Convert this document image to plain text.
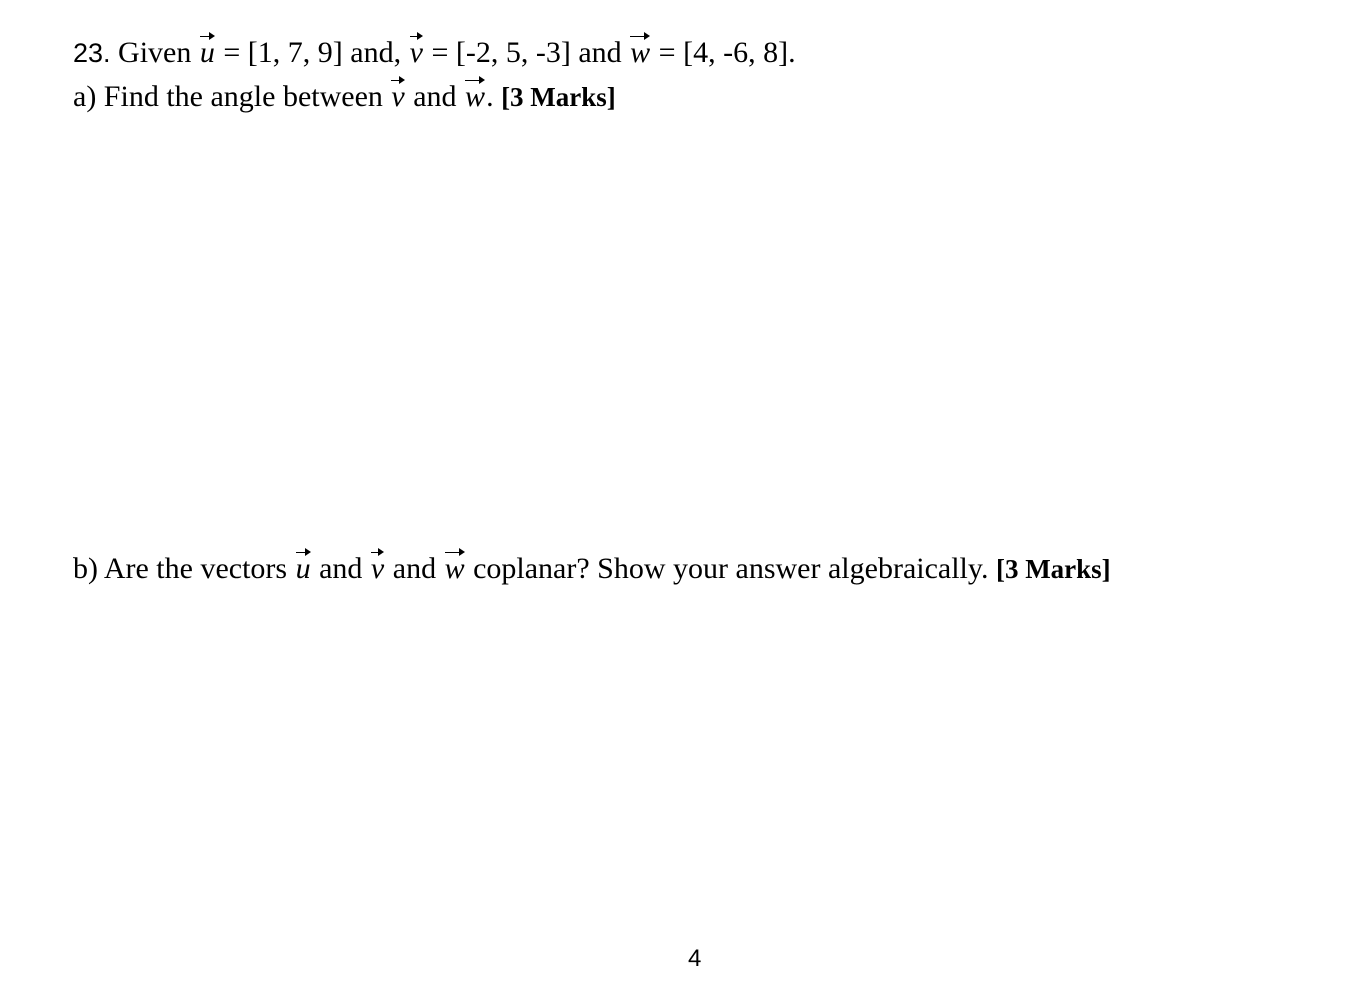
23. Given u = [1, 7, 9] and, v = [-2, 5, -3] and w = [4, -6, 8].
a) Find the angle between v and w. [3 Marks]
b) Are the vectors u and v and w coplanar? Show your answer algebraically. [3 Marks]
4
